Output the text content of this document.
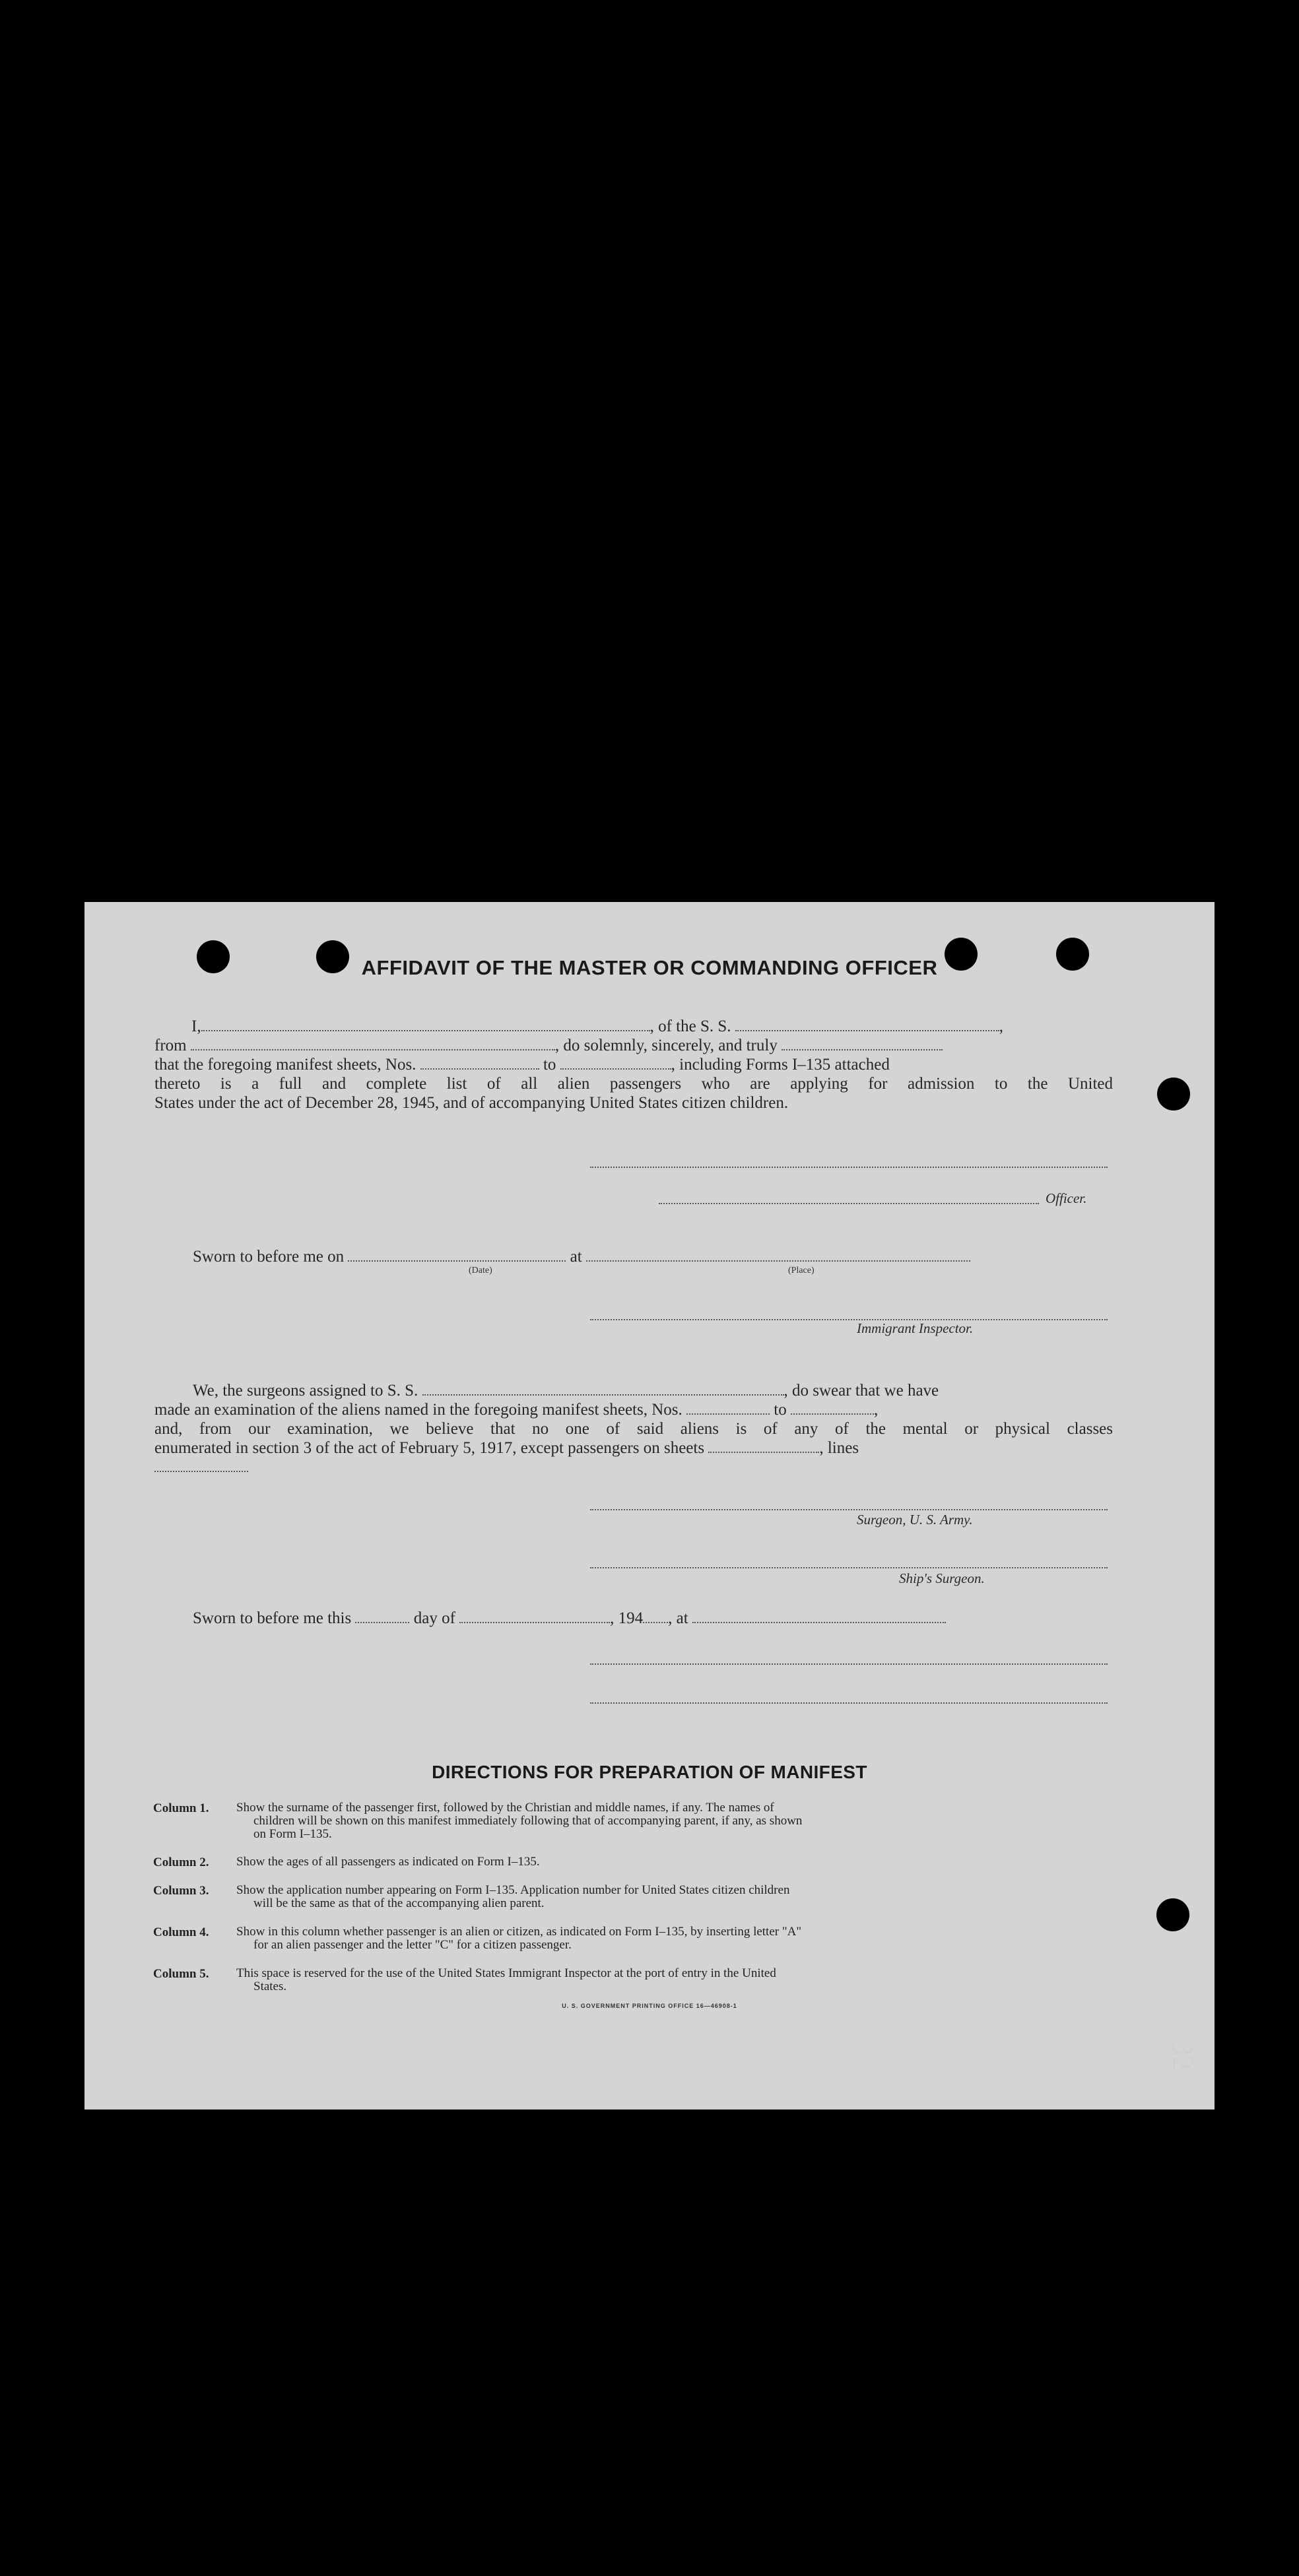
AFFIDAVIT OF THE MASTER OR COMMANDING OFFICER
I,	, of the S. S.	,
from	, do solemnly, sincerely, and truly
that the foregoing manifest sheets, Nos.	to	, including Forms I–135 attached
thereto is a full and complete list of all alien passengers who are applying for admission to the United
States under the act of December 28, 1945, and of accompanying United States citizen children.
Officer.
Sworn to before me on	at
(Date)	(Place)
Immigrant Inspector.
We, the surgeons assigned to S. S.	, do swear that we have
made an examination of the aliens named in the foregoing manifest sheets, Nos.	to	,
and, from our examination, we believe that no one of said aliens is of any of the mental or physical classes
enumerated in section 3 of the act of February 5, 1917, except passengers on sheets	, lines
Surgeon, U. S. Army.
Ship's Surgeon.
Sworn to before me this	day of	, 194 , at
DIRECTIONS FOR PREPARATION OF MANIFEST
Column 1.	Show the surname of the passenger first, followed by the Christian and middle names, if any. The names of
children will be shown on this manifest immediately following that of accompanying parent, if any, as shown
on Form I–135.
Column 2.	Show the ages of all passengers as indicated on Form I–135.
Column 3.	Show the application number appearing on Form I–135. Application number for United States citizen children
will be the same as that of the accompanying alien parent.
Column 4.	Show in this column whether passenger is an alien or citizen, as indicated on Form I–135, by inserting letter "A"
for an alien passenger and the letter "C" for a citizen passenger.
Column 5.	This space is reserved for the use of the United States Immigrant Inspector at the port of entry in the United
States.
U. S. GOVERNMENT PRINTING OFFICE 16—46908-1
32
